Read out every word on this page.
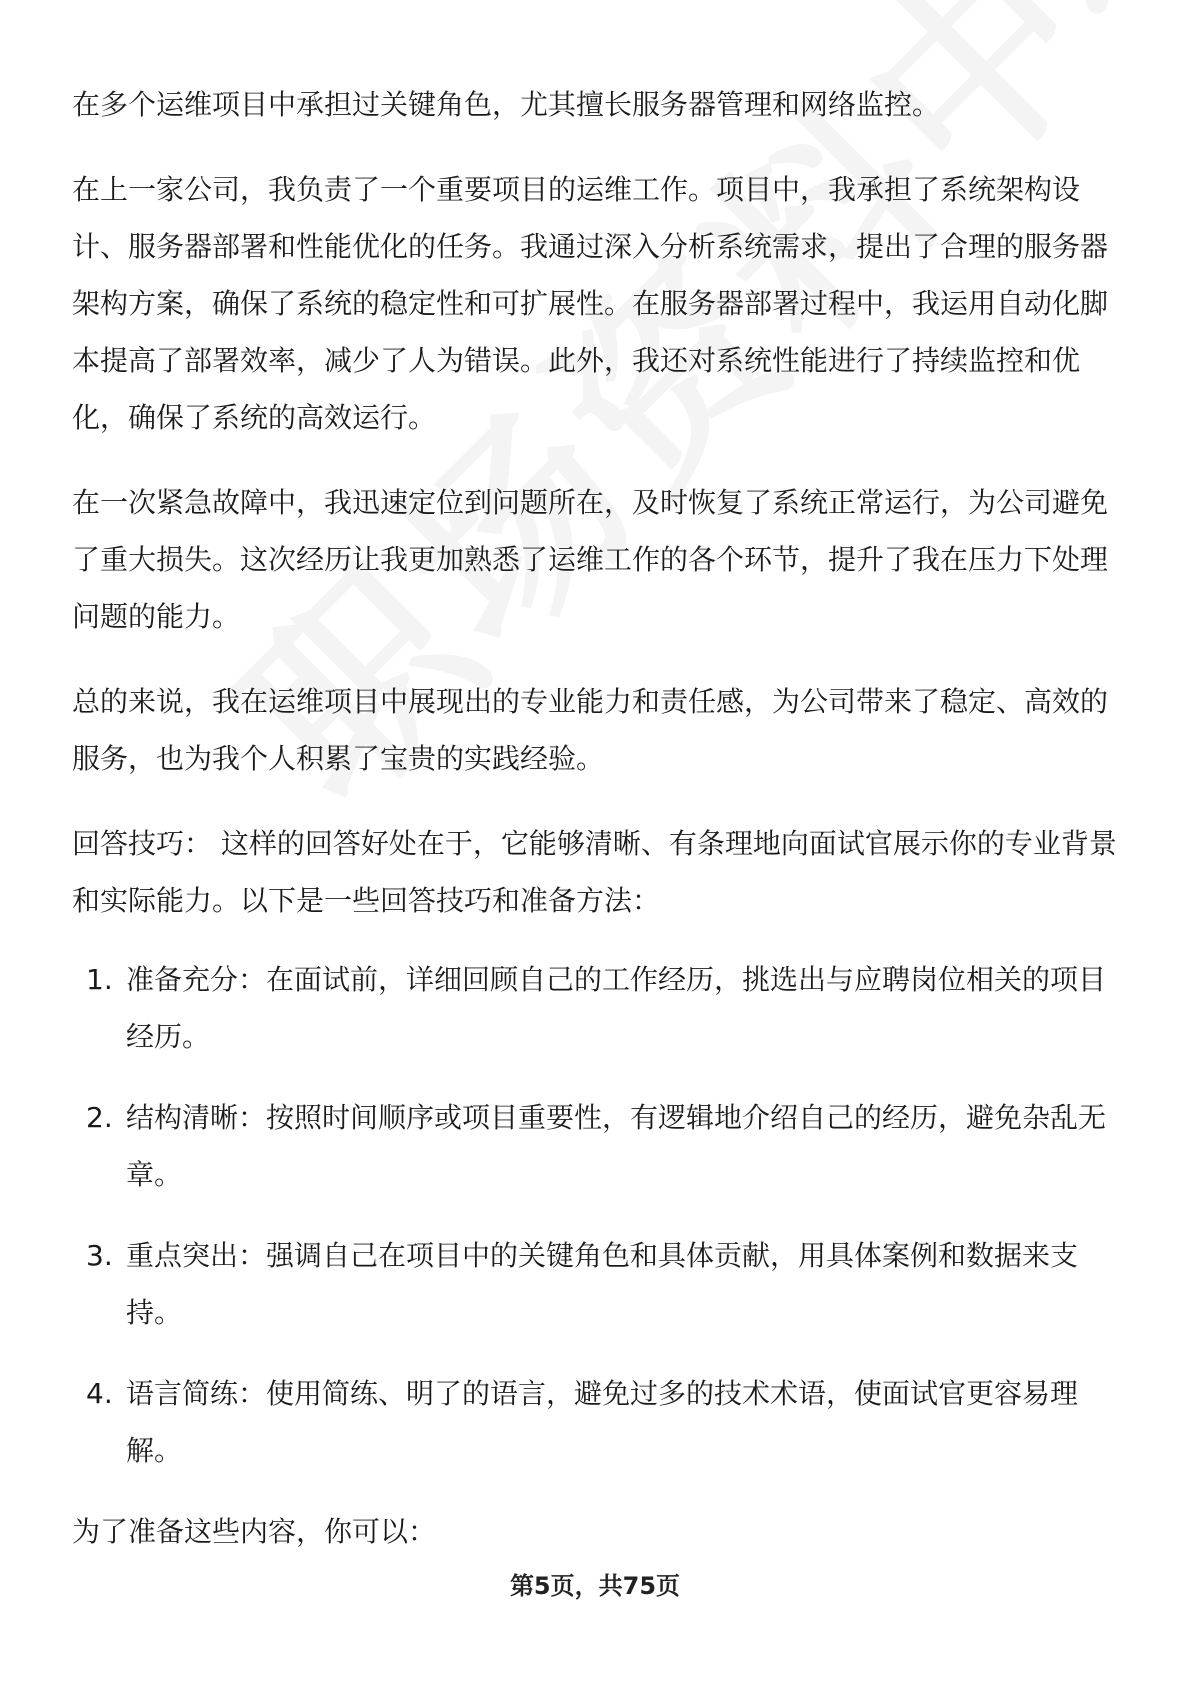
在多个运维项目中承担过关键角色，尤其擅长服务器管理和网络监控。

在上一家公司，我负责了一个重要项目的运维工作。项目中，我承担了系统架构设计、服务器部署和性能优化的任务。我通过深入分析系统需求，提出了合理的服务器架构方案，确保了系统的稳定性和可扩展性。在服务器部署过程中，我运用自动化脚本提高了部署效率，减少了人为错误。此外，我还对系统性能进行了持续监控和优化，确保了系统的高效运行。

在一次紧急故障中，我迅速定位到问题所在，及时恢复了系统正常运行，为公司避免了重大损失。这次经历让我更加熟悉了运维工作的各个环节，提升了我在压力下处理问题的能力。

总的来说，我在运维项目中展现出的专业能力和责任感，为公司带来了稳定、高效的服务，也为我个人积累了宝贵的实践经验。

回答技巧： 这样的回答好处在于，它能够清晰、有条理地向面试官展示你的专业背景和实际能力。以下是一些回答技巧和准备方法：

1. 准备充分：在面试前，详细回顾自己的工作经历，挑选出与应聘岗位相关的项目经历。
2. 结构清晰：按照时间顺序或项目重要性，有逻辑地介绍自己的经历，避免杂乱无章。
3. 重点突出：强调自己在项目中的关键角色和具体贡献，用具体案例和数据来支持。
4. 语言简练：使用简练、明了的语言，避免过多的技术术语，使面试官更容易理解。

为了准备这些内容，你可以：

第5页，共75页
